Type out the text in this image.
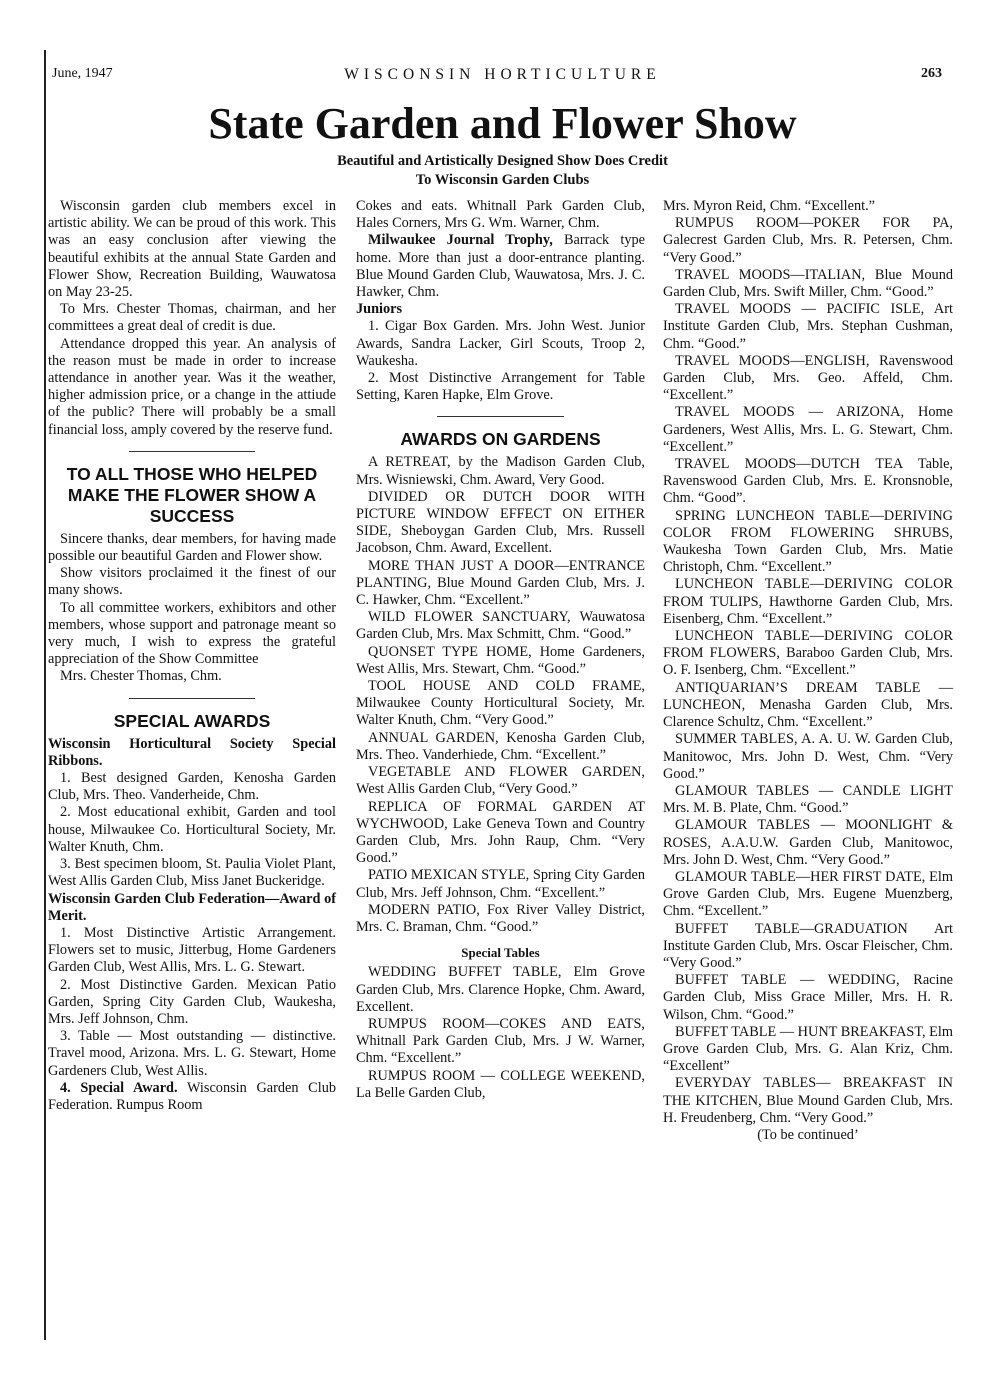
June, 1947	WISCONSIN HORTICULTURE	263
State Garden and Flower Show
Beautiful and Artistically Designed Show Does Credit
To Wisconsin Garden Clubs

Wisconsin garden club members excel in artistic ability. We can be proud of this work. This was an easy conclusion after viewing the beautiful exhibits at the annual State Garden and Flower Show, Recreation Building, Wauwatosa on May 23-25.

To Mrs. Chester Thomas, chairman, and her committees a great deal of credit is due.

Attendance dropped this year. An analysis of the reason must be made in order to increase attendance in another year. Was it the weather, higher admission price, or a change in the attiude of the public? There will probably be a small financial loss, amply covered by the reserve fund.

TO ALL THOSE WHO HELPED MAKE THE FLOWER SHOW A SUCCESS

Sincere thanks, dear members, for having made possible our beautiful Garden and Flower show.

Show visitors proclaimed it the finest of our many shows.

To all committee workers, exhibitors and other members, whose support and patronage meant so very much, I wish to express the grateful appreciation of the Show Committee

Mrs. Chester Thomas, Chm.

SPECIAL AWARDS

Wisconsin Horticultural Society Special Ribbons.

1. Best designed Garden, Kenosha Garden Club, Mrs. Theo. Vanderheide, Chm.

2. Most educational exhibit, Garden and tool house, Milwaukee Co. Horticultural Society, Mr. Walter Knuth, Chm.

3. Best specimen bloom, St. Paulia Violet Plant, West Allis Garden Club, Miss Janet Buckeridge.

Wisconsin Garden Club Federation—Award of Merit.

1. Most Distinctive Artistic Arrangement. Flowers set to music, Jitterbug, Home Gardeners Garden Club, West Allis, Mrs. L. G. Stewart.

2. Most Distinctive Garden. Mexican Patio Garden, Spring City Garden Club, Waukesha, Mrs. Jeff Johnson, Chm.

3. Table — Most outstanding — distinctive. Travel mood, Arizona. Mrs. L. G. Stewart, Home Gardeners Club, West Allis.

4. Special Award. Wisconsin Garden Club Federation. Rumpus Room

Cokes and eats. Whitnall Park Garden Club, Hales Corners, Mrs G. Wm. Warner, Chm.

Milwaukee Journal Trophy, Barrack type home. More than just a door-entrance planting. Blue Mound Garden Club, Wauwatosa, Mrs. J. C. Hawker, Chm.

Juniors

1. Cigar Box Garden. Mrs. John West. Junior Awards, Sandra Lacker, Girl Scouts, Troop 2, Waukesha.

2. Most Distinctive Arrangement for Table Setting, Karen Hapke, Elm Grove.

AWARDS ON GARDENS

A RETREAT, by the Madison Garden Club, Mrs. Wisniewski, Chm. Award, Very Good.

DIVIDED OR DUTCH DOOR WITH PICTURE WINDOW EFFECT ON EITHER SIDE, Sheboygan Garden Club, Mrs. Russell Jacobson, Chm. Award, Excellent.

MORE THAN JUST A DOOR—ENTRANCE PLANTING, Blue Mound Garden Club, Mrs. J. C. Hawker, Chm. “Excellent.”

WILD FLOWER SANCTUARY, Wauwatosa Garden Club, Mrs. Max Schmitt, Chm. “Good.”

QUONSET TYPE HOME, Home Gardeners, West Allis, Mrs. Stewart, Chm. “Good.”

TOOL HOUSE AND COLD FRAME, Milwaukee County Horticultural Society, Mr. Walter Knuth, Chm. “Very Good.”

ANNUAL GARDEN, Kenosha Garden Club, Mrs. Theo. Vanderhiede, Chm. “Excellent.”

VEGETABLE AND FLOWER GARDEN, West Allis Garden Club, “Very Good.”

REPLICA OF FORMAL GARDEN AT WYCHWOOD, Lake Geneva Town and Country Garden Club, Mrs. John Raup, Chm. “Very Good.”

PATIO MEXICAN STYLE, Spring City Garden Club, Mrs. Jeff Johnson, Chm. “Excellent.”

MODERN PATIO, Fox River Valley District, Mrs. C. Braman, Chm. “Good.”

Special Tables

WEDDING BUFFET TABLE, Elm Grove Garden Club, Mrs. Clarence Hopke, Chm. Award, Excellent.

RUMPUS ROOM—COKES AND EATS, Whitnall Park Garden Club, Mrs. J W. Warner, Chm. “Excellent.”

RUMPUS ROOM — COLLEGE WEEKEND, La Belle Garden Club,

Mrs. Myron Reid, Chm. “Excellent.”

RUMPUS ROOM—POKER FOR PA, Galecrest Garden Club, Mrs. R. Petersen, Chm. “Very Good.”

TRAVEL MOODS—ITALIAN, Blue Mound Garden Club, Mrs. Swift Miller, Chm. “Good.”

TRAVEL MOODS — PACIFIC ISLE, Art Institute Garden Club, Mrs. Stephan Cushman, Chm. “Good.”

TRAVEL MOODS—ENGLISH, Ravenswood Garden Club, Mrs. Geo. Affeld, Chm. “Excellent.”

TRAVEL MOODS — ARIZONA, Home Gardeners, West Allis, Mrs. L. G. Stewart, Chm. “Excellent.”

TRAVEL MOODS—DUTCH TEA Table, Ravenswood Garden Club, Mrs. E. Kronsnoble, Chm. “Good”.

SPRING LUNCHEON TABLE—DERIVING COLOR FROM FLOWERING SHRUBS, Waukesha Town Garden Club, Mrs. Matie Christoph, Chm. “Excellent.”

LUNCHEON TABLE—DERIVING COLOR FROM TULIPS, Hawthorne Garden Club, Mrs. Eisenberg, Chm. “Excellent.”

LUNCHEON TABLE—DERIVING COLOR FROM FLOWERS, Baraboo Garden Club, Mrs. O. F. Isenberg, Chm. “Excellent.”

ANTIQUARIAN’S DREAM TABLE — LUNCHEON, Menasha Garden Club, Mrs. Clarence Schultz, Chm. “Excellent.”

SUMMER TABLES, A. A. U. W. Garden Club, Manitowoc, Mrs. John D. West, Chm. “Very Good.”

GLAMOUR TABLES — CANDLE LIGHT Mrs. M. B. Plate, Chm. “Good.”

GLAMOUR TABLES — MOONLIGHT & ROSES, A.A.U.W. Garden Club, Manitowoc, Mrs. John D. West, Chm. “Very Good.”

GLAMOUR TABLE—HER FIRST DATE, Elm Grove Garden Club, Mrs. Eugene Muenzberg, Chm. “Excellent.”

BUFFET TABLE—GRADUATION Art Institute Garden Club, Mrs. Oscar Fleischer, Chm. “Very Good.”

BUFFET TABLE — WEDDING, Racine Garden Club, Miss Grace Miller, Mrs. H. R. Wilson, Chm. “Good.”

BUFFET TABLE — HUNT BREAKFAST, Elm Grove Garden Club, Mrs. G. Alan Kriz, Chm. “Excellent”

EVERYDAY TABLES— BREAKFAST IN THE KITCHEN, Blue Mound Garden Club, Mrs. H. Freudenberg, Chm. “Very Good.”

(To be continued’
